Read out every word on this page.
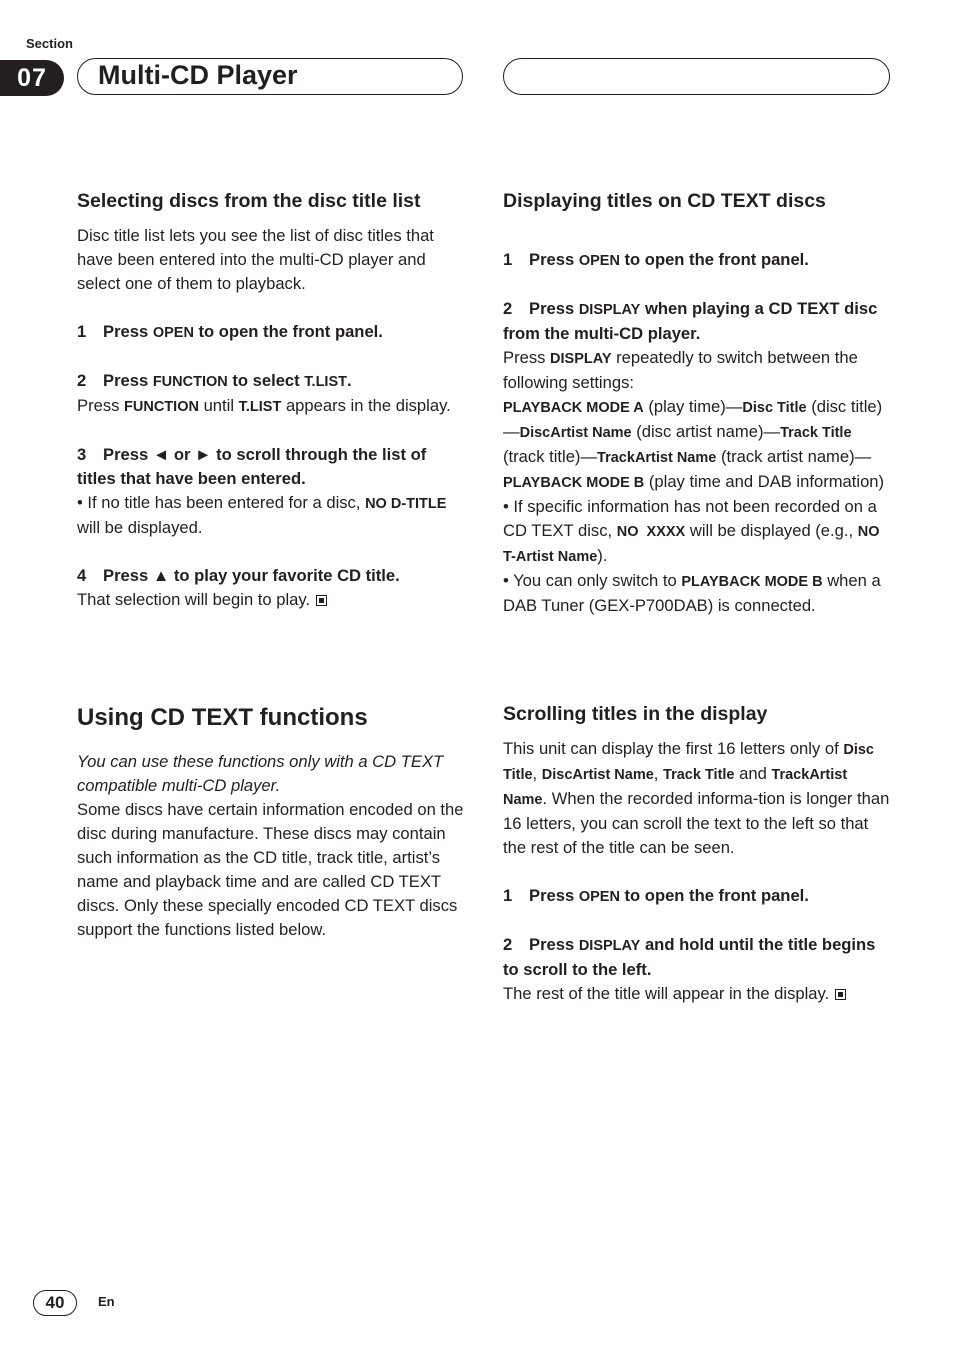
Section
07	Multi-CD Player

Selecting discs from the disc title list

Disc title list lets you see the list of disc titles that have been entered into the multi-CD player and select one of them to playback.

1 Press OPEN to open the front panel.

2 Press FUNCTION to select T.LIST.

Press FUNCTION until T.LIST appears in the display.

3 Press ◄ or ► to scroll through the list of titles that have been entered.

• If no title has been entered for a disc, NO D-TITLE will be displayed.

4 Press ▲ to play your favorite CD title.

That selection will begin to play.

Using CD TEXT functions

You can use these functions only with a CD TEXT compatible multi-CD player.

Some discs have certain information encoded on the disc during manufacture. These discs may contain such information as the CD title, track title, artist’s name and playback time and are called CD TEXT discs. Only these specially encoded CD TEXT discs support the functions listed below.

Displaying titles on CD TEXT discs

1 Press OPEN to open the front panel.

2 Press DISPLAY when playing a CD TEXT disc from the multi-CD player.

Press DISPLAY repeatedly to switch between the following settings:

PLAYBACK MODE A (play time)—Disc Title (disc title)—DiscArtist Name (disc artist name)—Track Title (track title)—TrackArtist Name (track artist name)—PLAYBACK MODE B (play time and DAB information)

• If specific information has not been recorded on a CD TEXT disc, NO  XXXX will be displayed (e.g., NO T-Artist Name).

• You can only switch to PLAYBACK MODE B when a DAB Tuner (GEX-P700DAB) is connected.

Scrolling titles in the display

This unit can display the first 16 letters only of Disc Title, DiscArtist Name, Track Title and TrackArtist Name. When the recorded informa-tion is longer than 16 letters, you can scroll the text to the left so that the rest of the title can be seen.

1 Press OPEN to open the front panel.

2 Press DISPLAY and hold until the title begins to scroll to the left.

The rest of the title will appear in the display.

40	En
